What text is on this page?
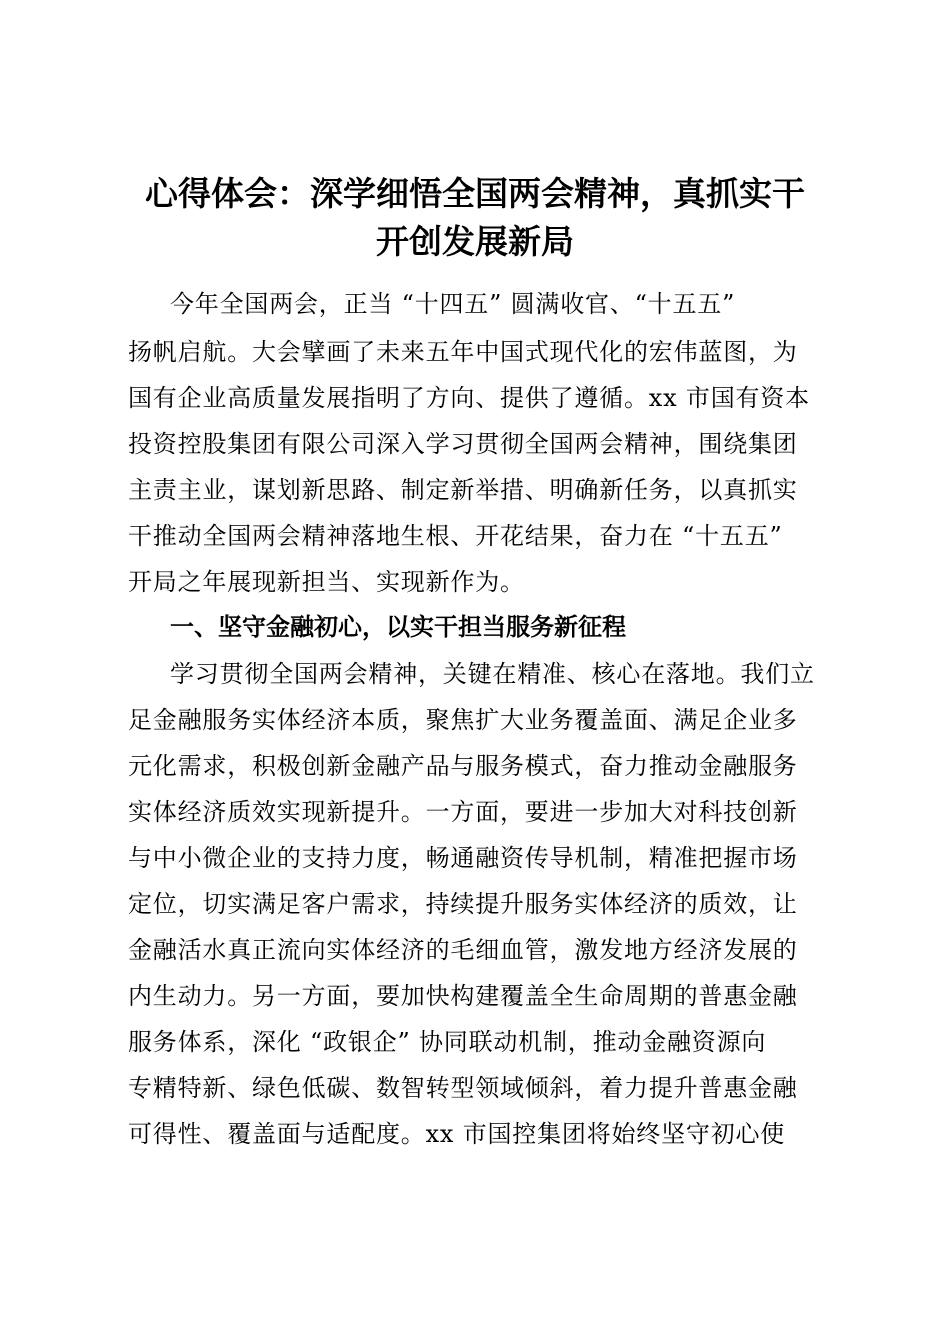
心得体会：深学细悟全国两会精神，真抓实干
开创发展新局
今年全国两会，正当 “十四五” 圆满收官、“十五五”
扬帆启航。大会擘画了未来五年中国式现代化的宏伟蓝图，为
国有企业高质量发展指明了方向、提供了遵循。xx 市国有资本
投资控股集团有限公司深入学习贯彻全国两会精神，围绕集团
主责主业，谋划新思路、制定新举措、明确新任务，以真抓实
干推动全国两会精神落地生根、开花结果，奋力在 “十五五”
开局之年展现新担当、实现新作为。
一、坚守金融初心，以实干担当服务新征程
学习贯彻全国两会精神，关键在精准、核心在落地。我们立
足金融服务实体经济本质，聚焦扩大业务覆盖面、满足企业多
元化需求，积极创新金融产品与服务模式，奋力推动金融服务
实体经济质效实现新提升。一方面，要进一步加大对科技创新
与中小微企业的支持力度，畅通融资传导机制，精准把握市场
定位，切实满足客户需求，持续提升服务实体经济的质效，让
金融活水真正流向实体经济的毛细血管，激发地方经济发展的
内生动力。另一方面，要加快构建覆盖全生命周期的普惠金融
服务体系，深化 “政银企” 协同联动机制，推动金融资源向
专精特新、绿色低碳、数智转型领域倾斜，着力提升普惠金融
可得性、覆盖面与适配度。xx 市国控集团将始终坚守初心使
